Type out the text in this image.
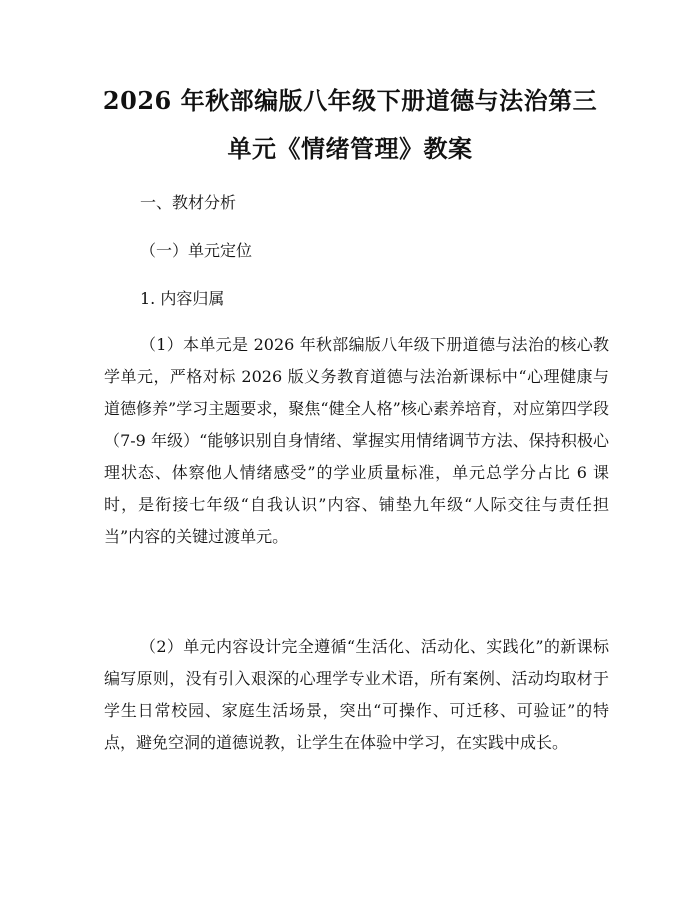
2026 年秋部编版八年级下册道德与法治第三
单元《情绪管理》教案
一、教材分析
（一）单元定位
1. 内容归属

（1）本单元是 2026 年秋部编版八年级下册道德与法治的核心教学单元，严格对标 2026 版义务教育道德与法治新课标中“心理健康与道德修养”学习主题要求，聚焦“健全人格”核心素养培育，对应第四学段（7-9 年级）“能够识别自身情绪、掌握实用情绪调节方法、保持积极心理状态、体察他人情绪感受”的学业质量标准，单元总学分占比 6 课时，是衔接七年级“自我认识”内容、铺垫九年级“人际交往与责任担当”内容的关键过渡单元。

（2）单元内容设计完全遵循“生活化、活动化、实践化”的新课标编写原则，没有引入艰深的心理学专业术语，所有案例、活动均取材于学生日常校园、家庭生活场景，突出“可操作、可迁移、可验证”的特点，避免空洞的道德说教，让学生在体验中学习，在实践中成长。
